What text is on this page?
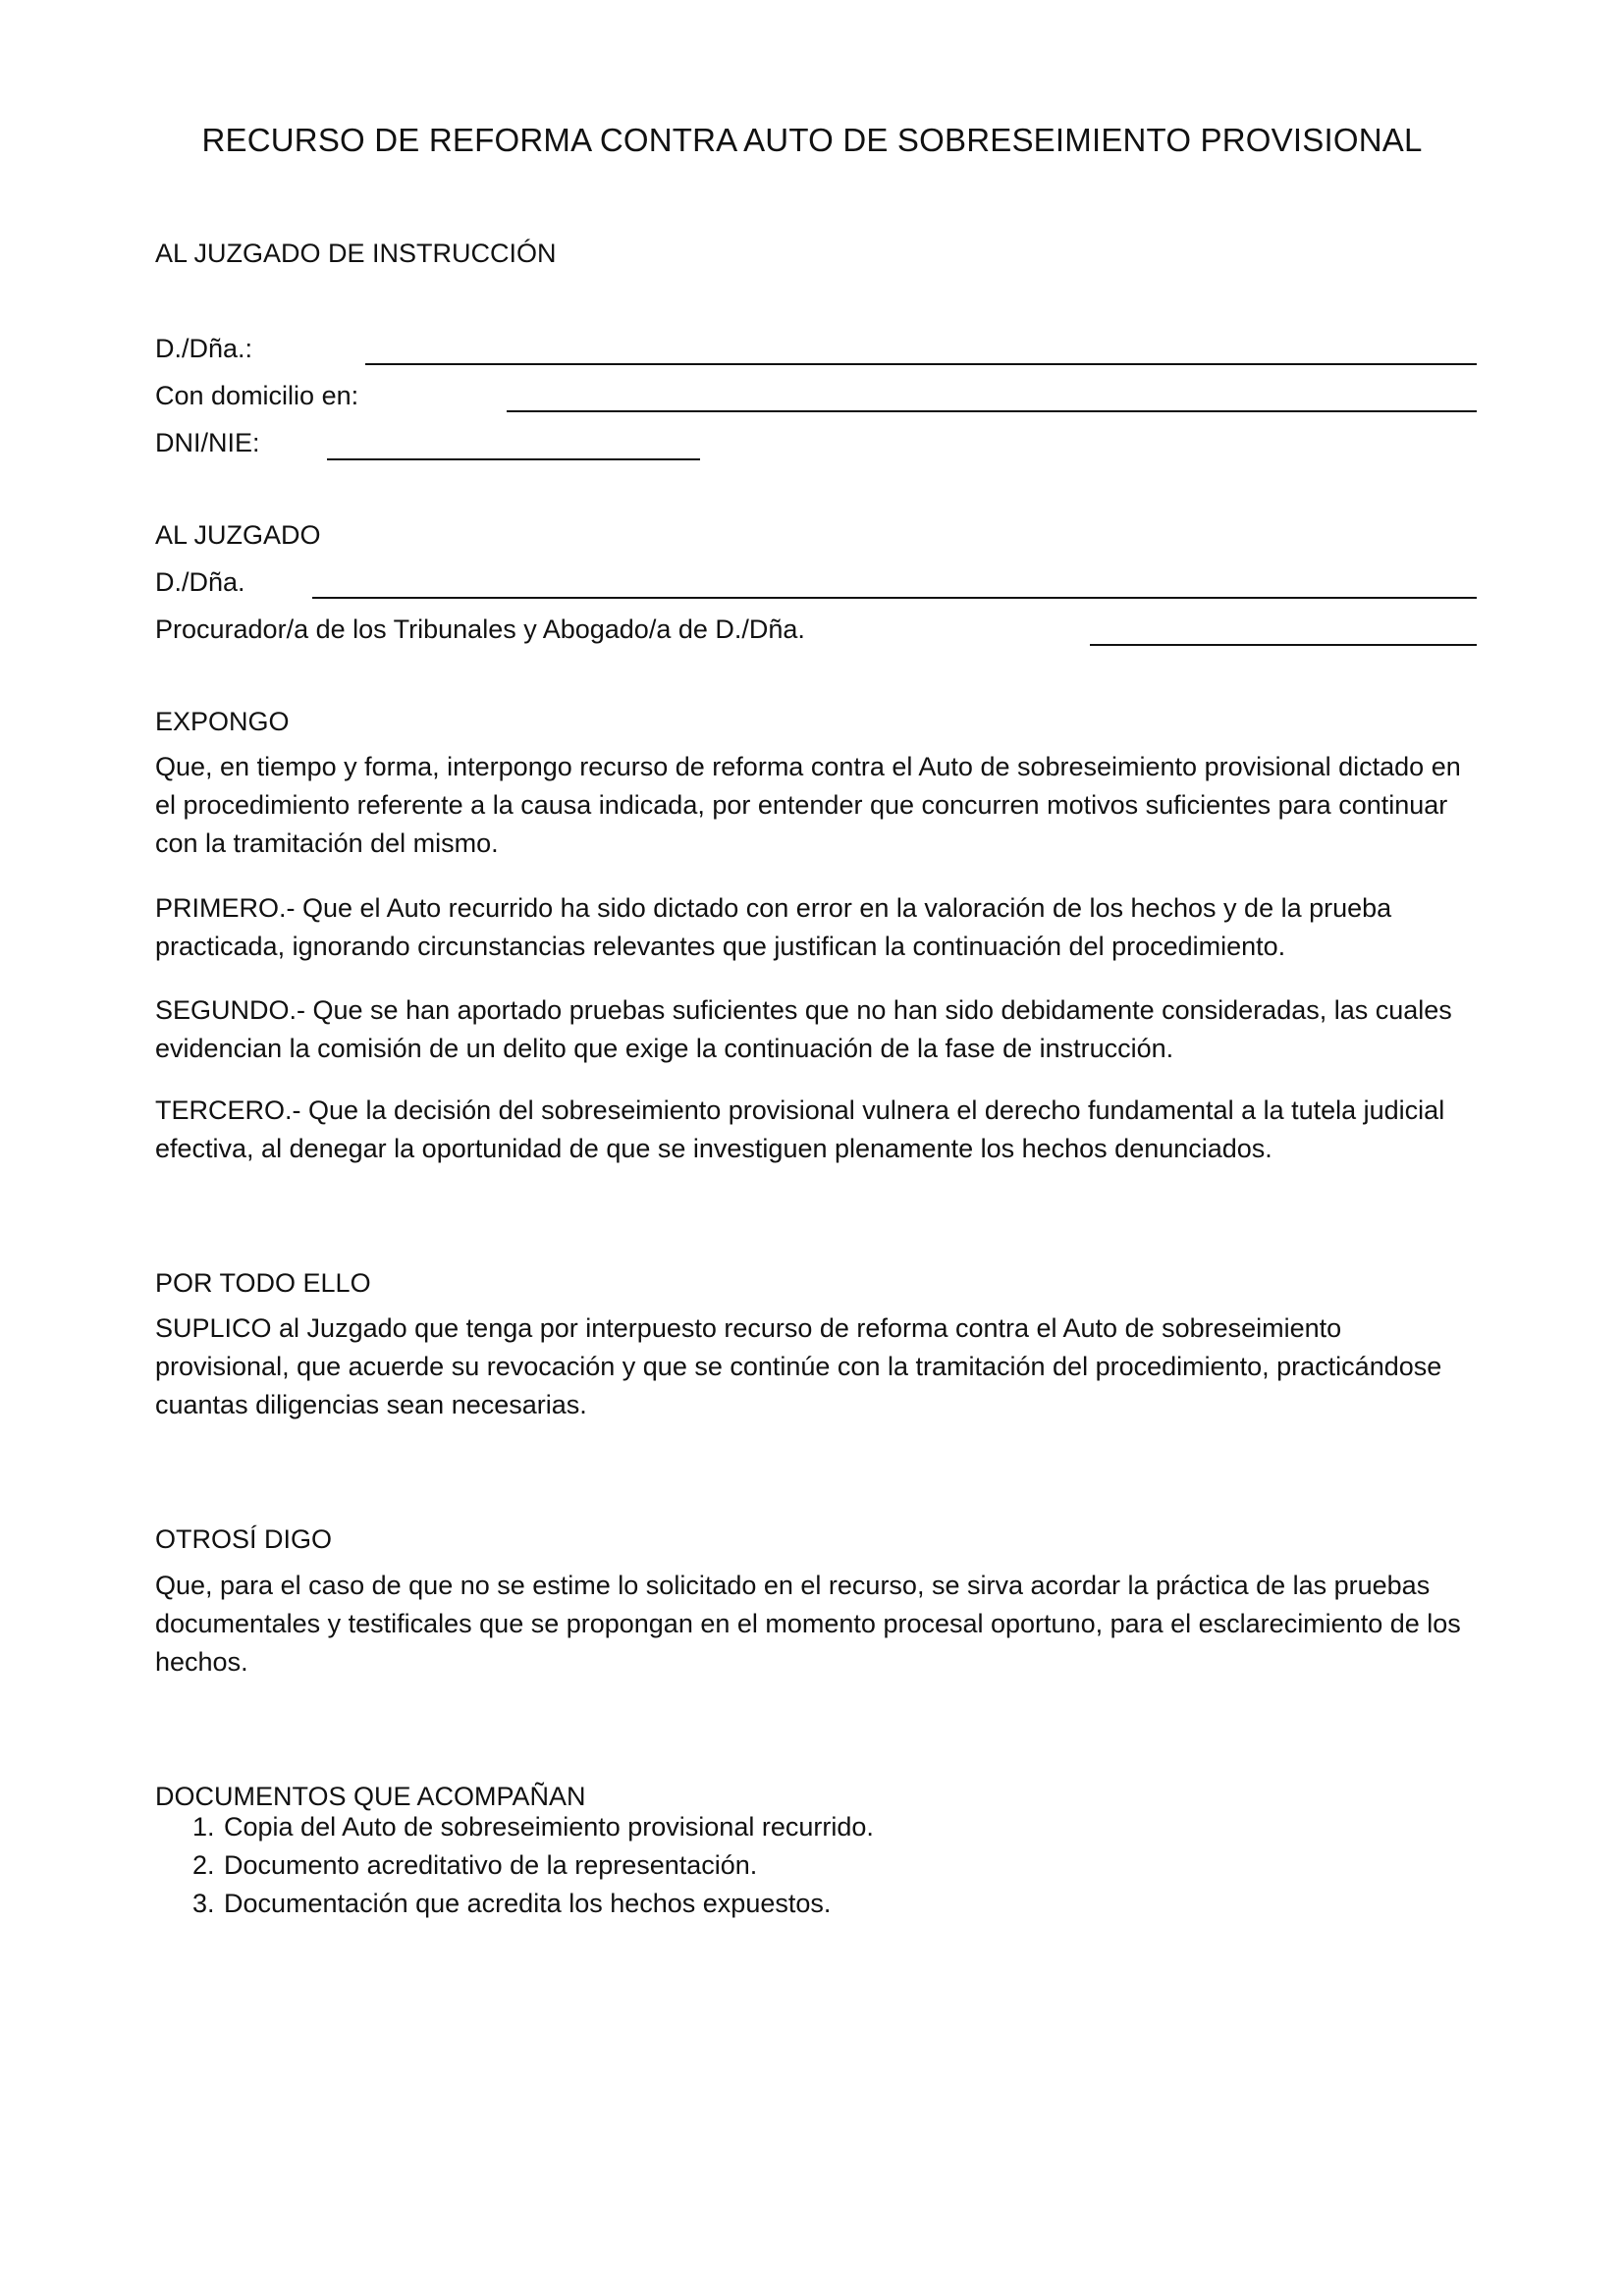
RECURSO DE REFORMA CONTRA AUTO DE SOBRESEIMIENTO PROVISIONAL
AL JUZGADO DE INSTRUCCIÓN
D./Dña.:
Con domicilio en:
DNI/NIE:
AL JUZGADO
D./Dña.
Procurador/a de los Tribunales y Abogado/a de D./Dña.
EXPONGO
Que, en tiempo y forma, interpongo recurso de reforma contra el Auto de sobreseimiento provisional dictado en el procedimiento referente a la causa indicada, por entender que concurren motivos suficientes para continuar con la tramitación del mismo.
PRIMERO.- Que el Auto recurrido ha sido dictado con error en la valoración de los hechos y de la prueba practicada, ignorando circunstancias relevantes que justifican la continuación del procedimiento.
SEGUNDO.- Que se han aportado pruebas suficientes que no han sido debidamente consideradas, las cuales evidencian la comisión de un delito que exige la continuación de la fase de instrucción.
TERCERO.- Que la decisión del sobreseimiento provisional vulnera el derecho fundamental a la tutela judicial efectiva, al denegar la oportunidad de que se investiguen plenamente los hechos denunciados.
POR TODO ELLO
SUPLICO al Juzgado que tenga por interpuesto recurso de reforma contra el Auto de sobreseimiento provisional, que acuerde su revocación y que se continúe con la tramitación del procedimiento, practicándose cuantas diligencias sean necesarias.
OTROSÍ DIGO
Que, para el caso de que no se estime lo solicitado en el recurso, se sirva acordar la práctica de las pruebas documentales y testificales que se propongan en el momento procesal oportuno, para el esclarecimiento de los hechos.
DOCUMENTOS QUE ACOMPAÑAN
1. Copia del Auto de sobreseimiento provisional recurrido.
2. Documento acreditativo de la representación.
3. Documentación que acredita los hechos expuestos.
